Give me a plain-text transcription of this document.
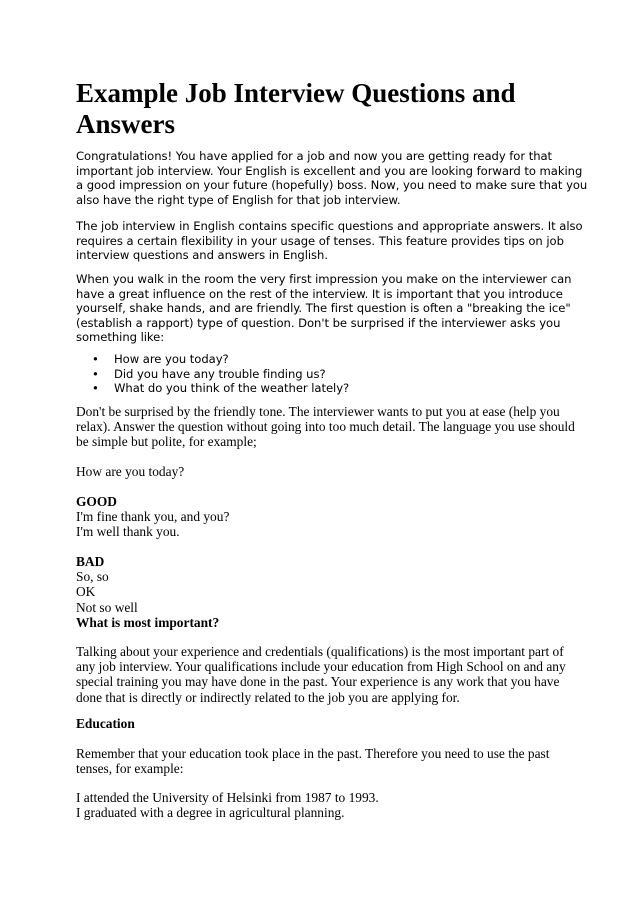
Example Job Interview Questions and
Answers

Congratulations! You have applied for a job and now you are getting ready for that
important job interview. Your English is excellent and you are looking forward to making
a good impression on your future (hopefully) boss. Now, you need to make sure that you
also have the right type of English for that job interview.

The job interview in English contains specific questions and appropriate answers. It also
requires a certain flexibility in your usage of tenses. This feature provides tips on job
interview questions and answers in English.

When you walk in the room the very first impression you make on the interviewer can
have a great influence on the rest of the interview. It is important that you introduce
yourself, shake hands, and are friendly. The first question is often a "breaking the ice"
(establish a rapport) type of question. Don't be surprised if the interviewer asks you
something like:

• How are you today?
• Did you have any trouble finding us?
• What do you think of the weather lately?

Don't be surprised by the friendly tone. The interviewer wants to put you at ease (help you
relax). Answer the question without going into too much detail. The language you use should
be simple but polite, for example;

How are you today?

GOOD
I'm fine thank you, and you?
I'm well thank you.

BAD
So, so
OK
Not so well
What is most important?

Talking about your experience and credentials (qualifications) is the most important part of
any job interview. Your qualifications include your education from High School on and any
special training you may have done in the past. Your experience is any work that you have
done that is directly or indirectly related to the job you are applying for.

Education

Remember that your education took place in the past. Therefore you need to use the past
tenses, for example:

I attended the University of Helsinki from 1987 to 1993.
I graduated with a degree in agricultural planning.
